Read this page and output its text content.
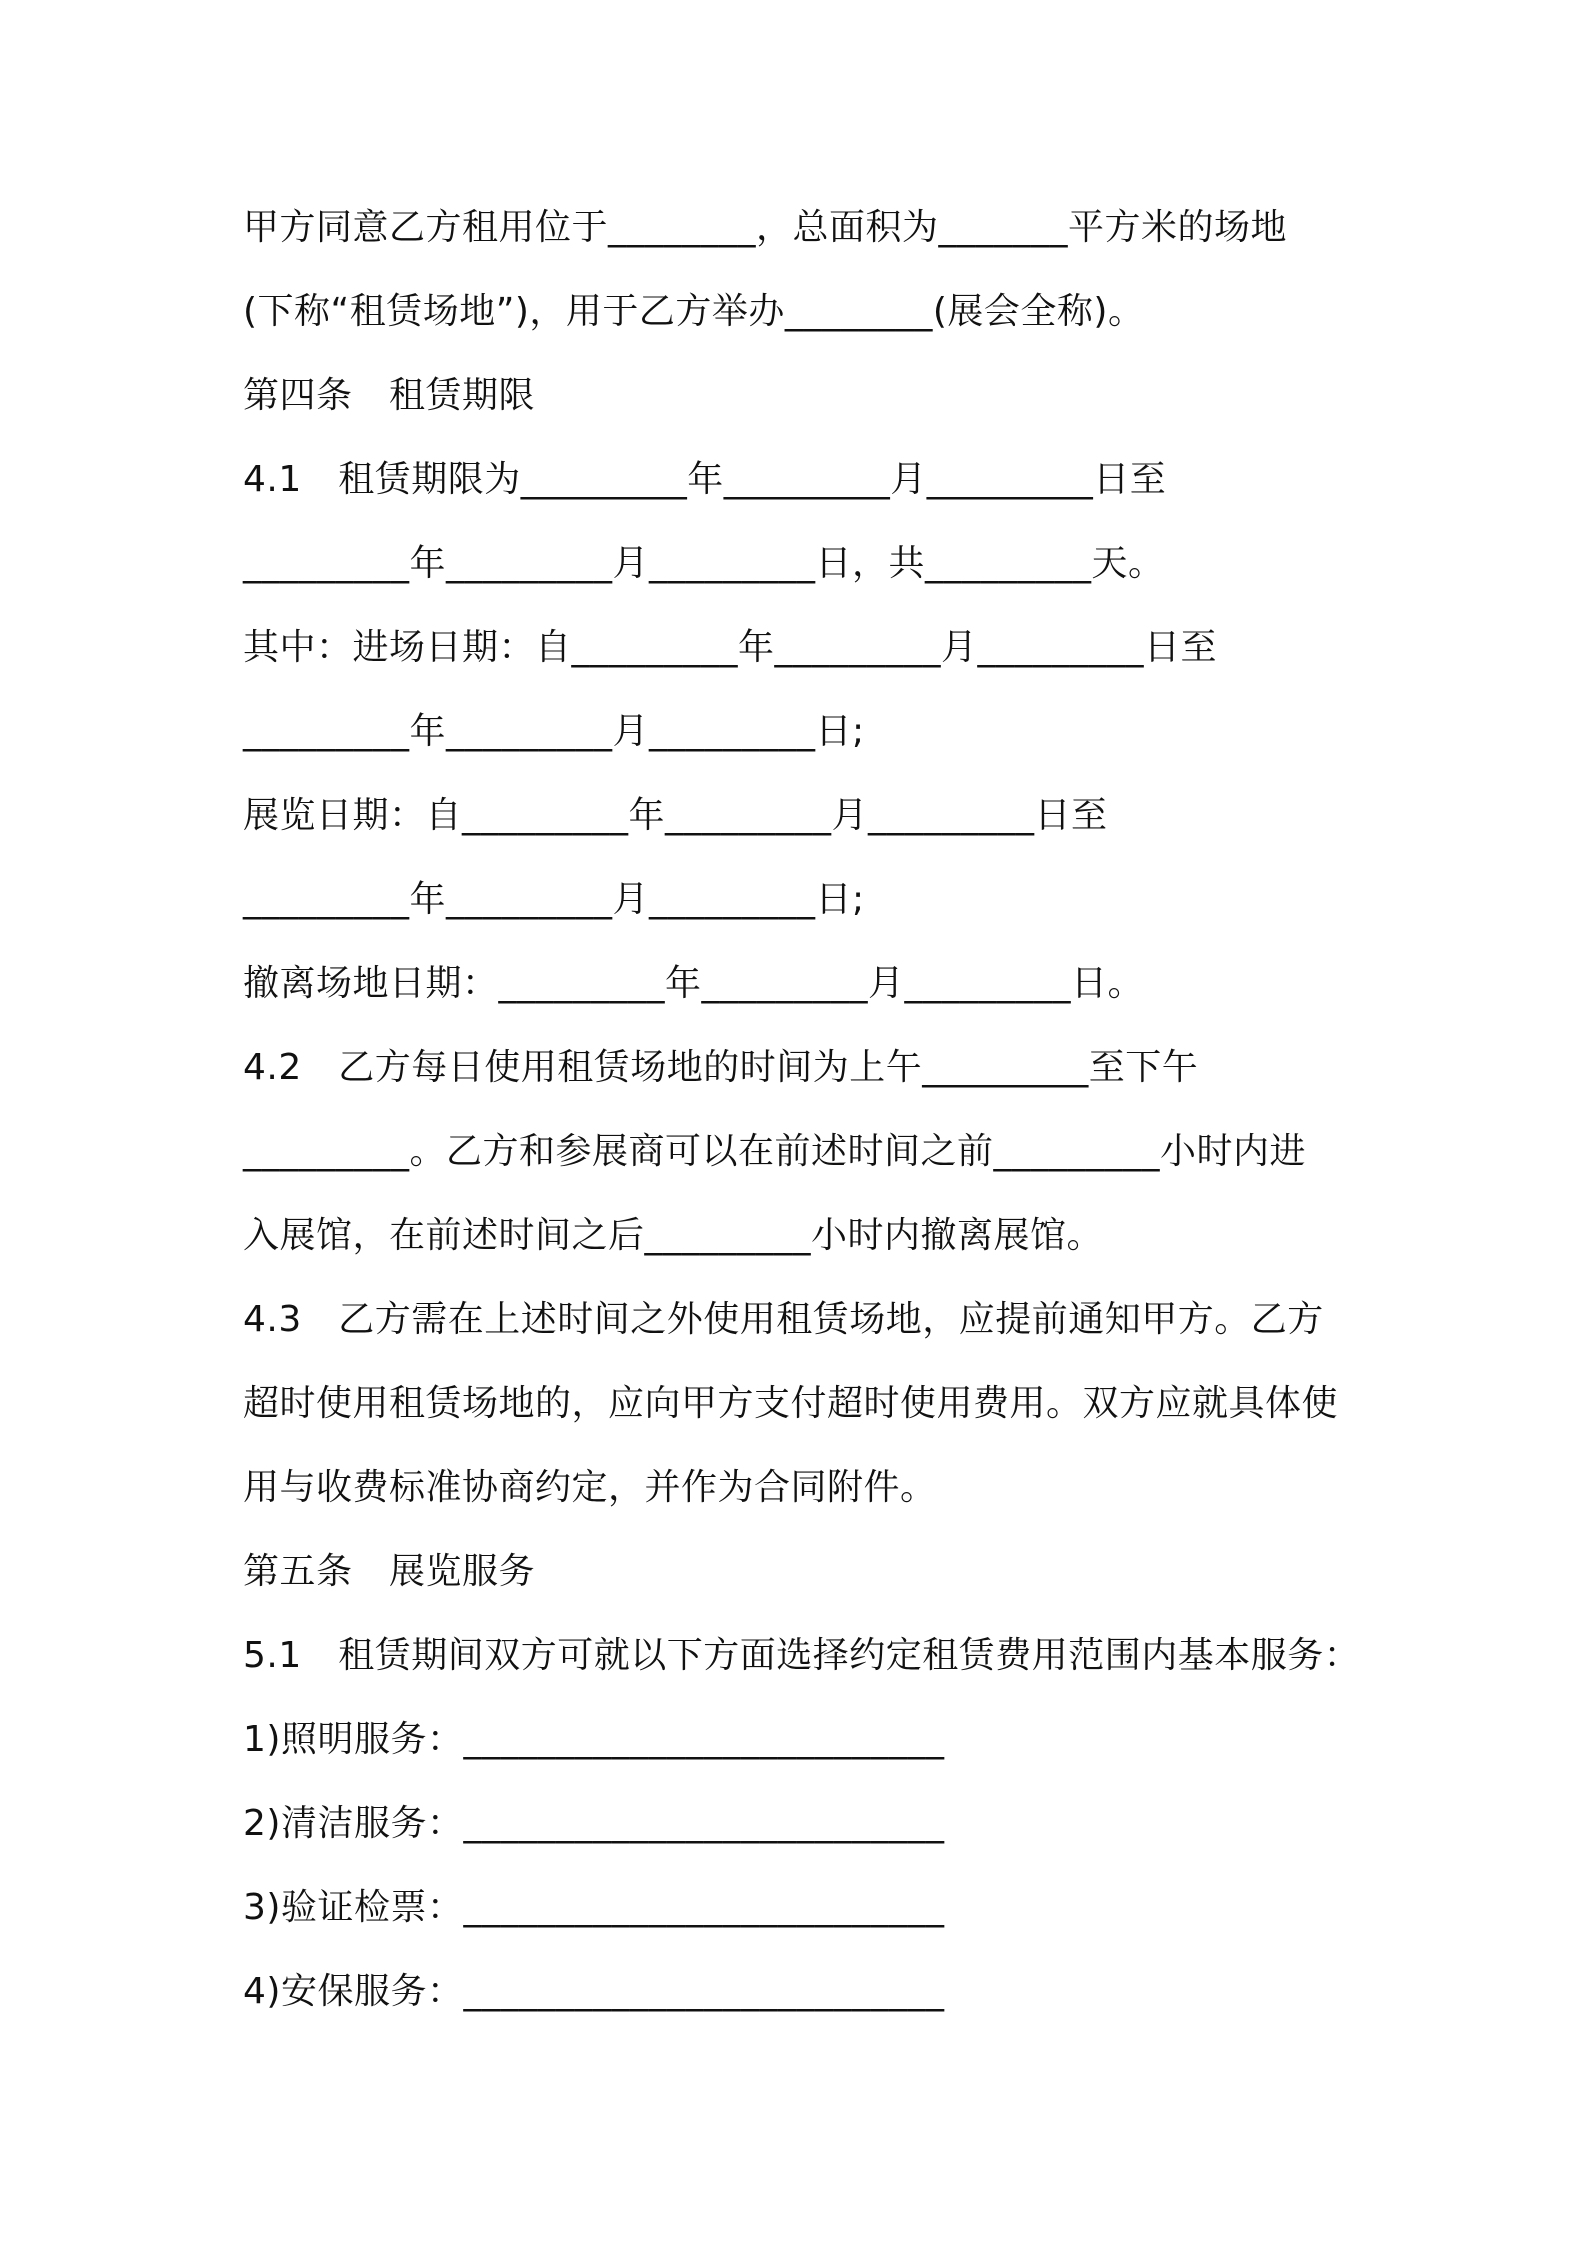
甲方同意乙方租用位于________，总面积为_______平方米的场地
(下称“租赁场地”)，用于乙方举办________(展会全称)。
第四条　租赁期限
4.1　租赁期限为_________年_________月_________日至
_________年_________月_________日，共_________天。
其中：进场日期：自_________年_________月_________日至
_________年_________月_________日;
展览日期：自_________年_________月_________日至
_________年_________月_________日;
撤离场地日期：_________年_________月_________日。
4.2　乙方每日使用租赁场地的时间为上午_________至下午
_________。乙方和参展商可以在前述时间之前_________小时内进
入展馆，在前述时间之后_________小时内撤离展馆。
4.3　乙方需在上述时间之外使用租赁场地，应提前通知甲方。乙方
超时使用租赁场地的，应向甲方支付超时使用费用。双方应就具体使
用与收费标准协商约定，并作为合同附件。
第五条　展览服务
5.1　租赁期间双方可就以下方面选择约定租赁费用范围内基本服务：
1)照明服务：__________________________
2)清洁服务：__________________________
3)验证检票：__________________________
4)安保服务：__________________________
